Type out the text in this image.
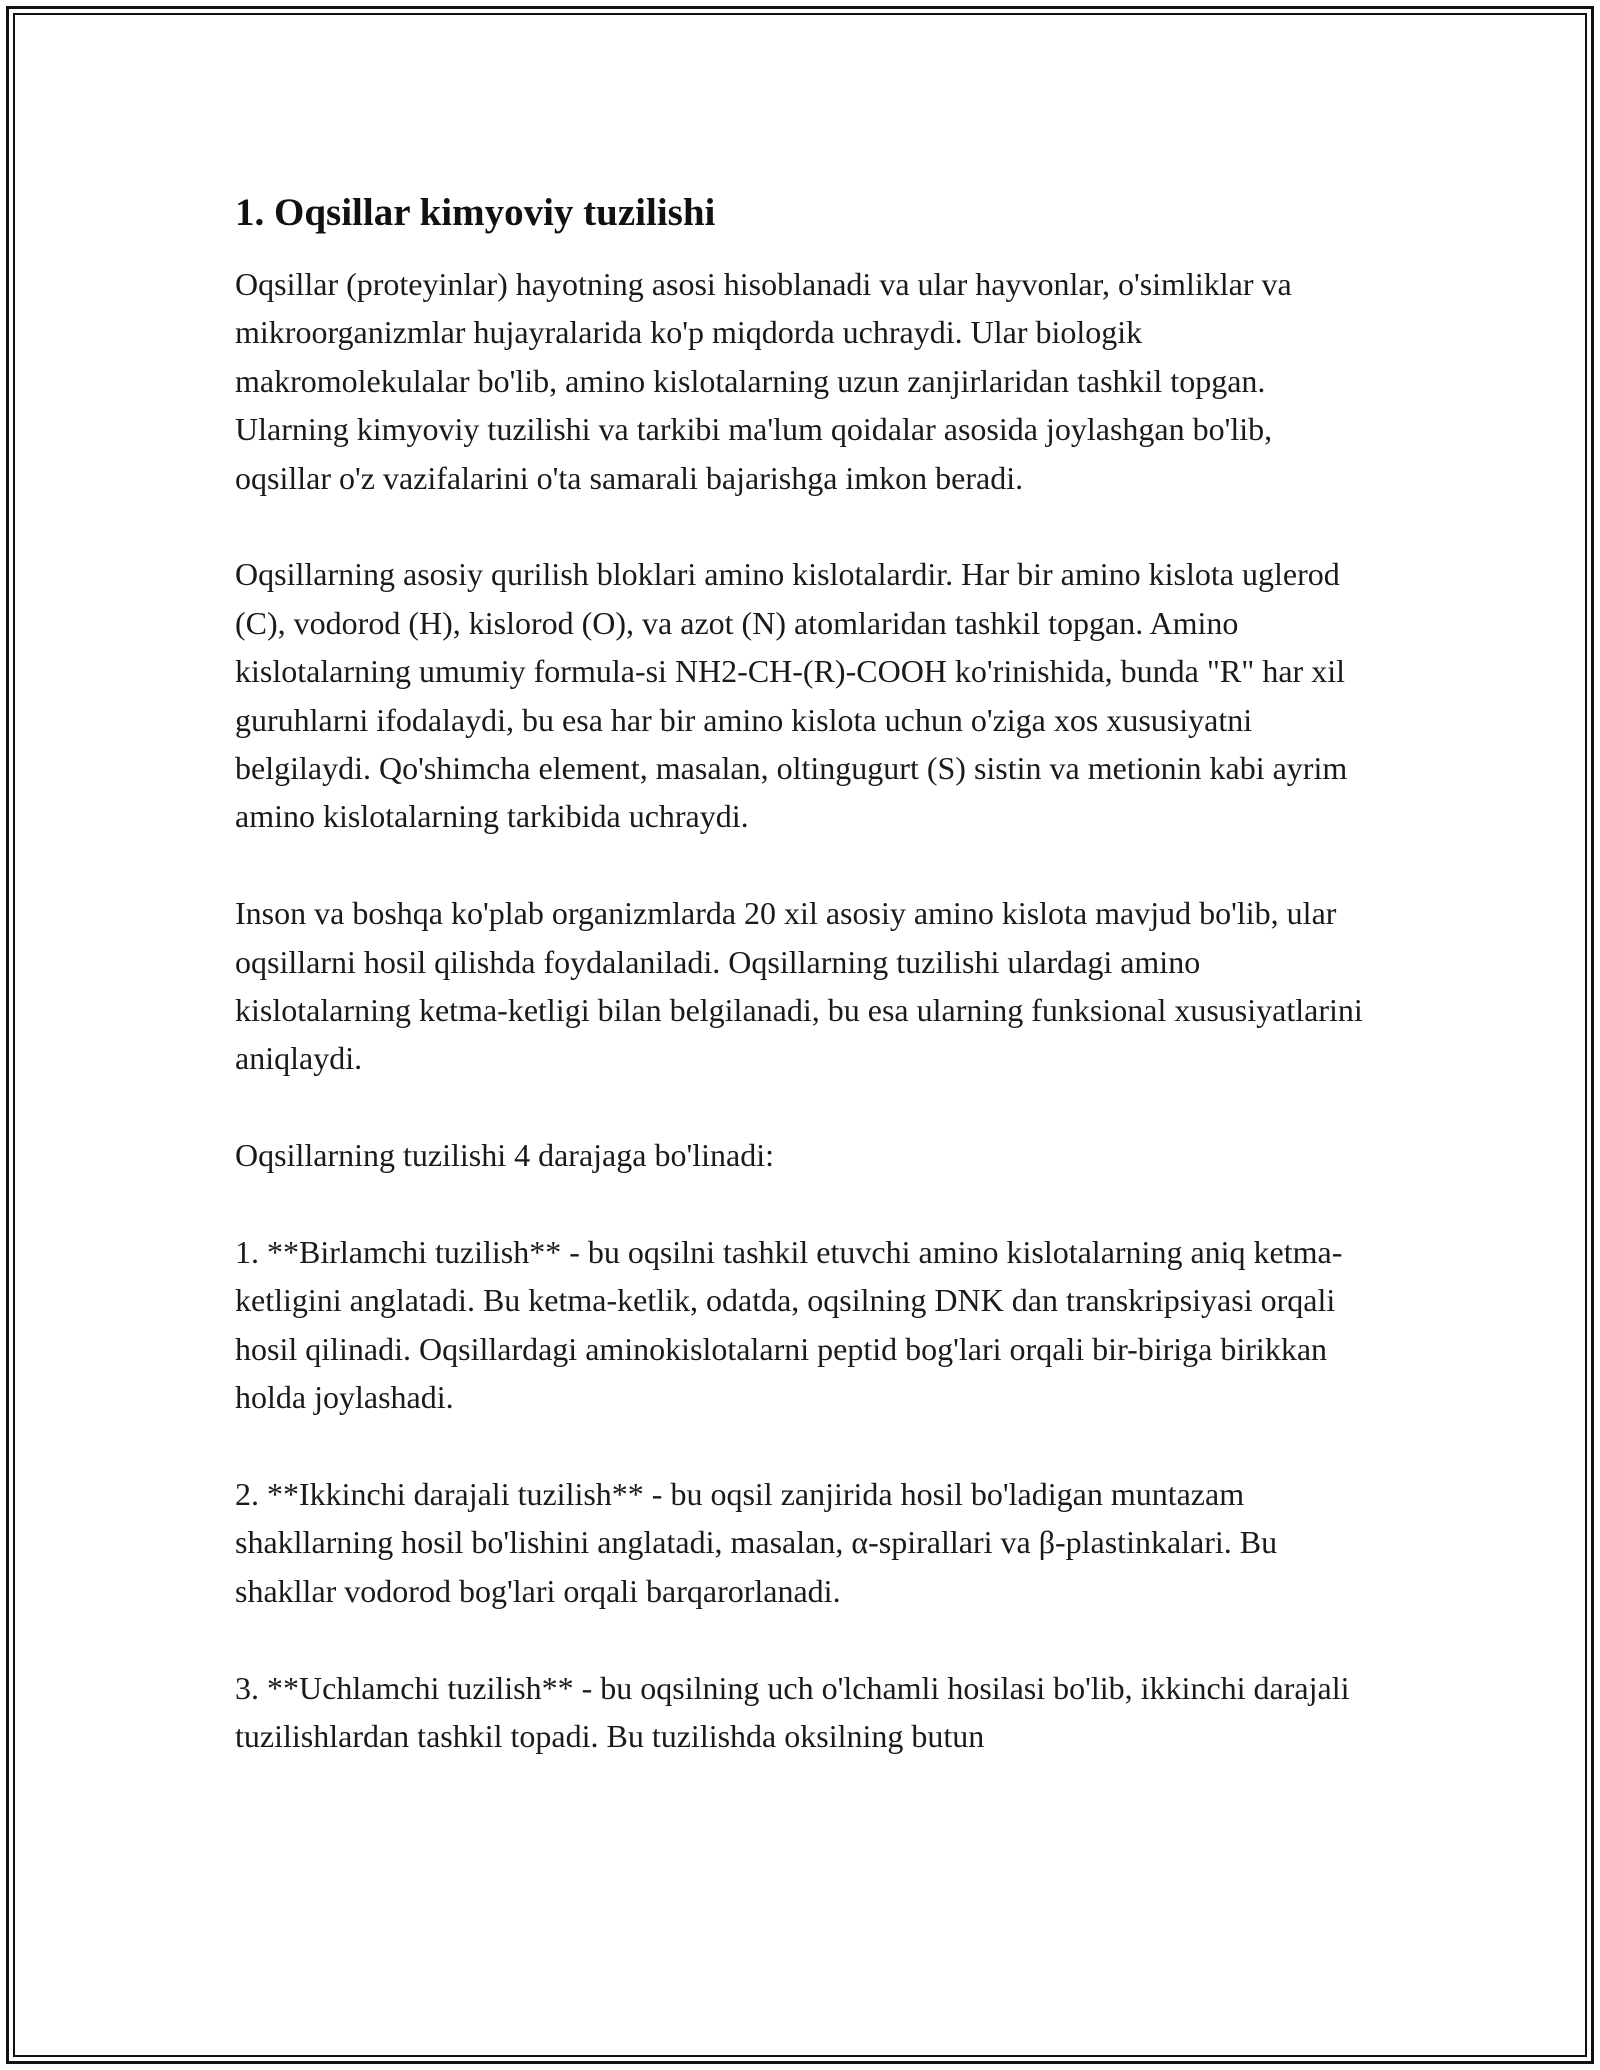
1. Oqsillar kimyoviy tuzilishi

Oqsillar (proteyinlar) hayotning asosi hisoblanadi va ular hayvonlar, o'simliklar va mikroorganizmlar hujayralarida ko'p miqdorda uchraydi. Ular biologik makromolekulalar bo'lib, amino kislotalarning uzun zanjirlaridan tashkil topgan. Ularning kimyoviy tuzilishi va tarkibi ma'lum qoidalar asosida joylashgan bo'lib, oqsillar o'z vazifalarini o'ta samarali bajarishga imkon beradi.

Oqsillarning asosiy qurilish bloklari amino kislotalardir. Har bir amino kislota uglerod (C), vodorod (H), kislorod (O), va azot (N) atomlaridan tashkil topgan. Amino kislotalarning umumiy formula-si NH2-CH-(R)-COOH ko'rinishida, bunda "R" har xil guruhlarni ifodalaydi, bu esa har bir amino kislota uchun o'ziga xos xususiyatni belgilaydi. Qo'shimcha element, masalan, oltingugurt (S) sistin va metionin kabi ayrim amino kislotalarning tarkibida uchraydi.

Inson va boshqa ko'plab organizmlarda 20 xil asosiy amino kislota mavjud bo'lib, ular oqsillarni hosil qilishda foydalaniladi. Oqsillarning tuzilishi ulardagi amino kislotalarning ketma-ketligi bilan belgilanadi, bu esa ularning funksional xususiyatlarini aniqlaydi.

Oqsillarning tuzilishi 4 darajaga bo'linadi:

1. **Birlamchi tuzilish** - bu oqsilni tashkil etuvchi amino kislotalarning aniq ketma-ketligini anglatadi. Bu ketma-ketlik, odatda, oqsilning DNK dan transkripsiyasi orqali hosil qilinadi. Oqsillardagi aminokislotalarni peptid bog'lari orqali bir-biriga birikkan holda joylashadi.

2. **Ikkinchi darajali tuzilish** - bu oqsil zanjirida hosil bo'ladigan muntazam shakllarning hosil bo'lishini anglatadi, masalan, α-spirallari va β-plastinkalari. Bu shakllar vodorod bog'lari orqali barqarorlanadi.

3. **Uchlamchi tuzilish** - bu oqsilning uch o'lchamli hosilasi bo'lib, ikkinchi darajali tuzilishlardan tashkil topadi. Bu tuzilishda oksilning butun
